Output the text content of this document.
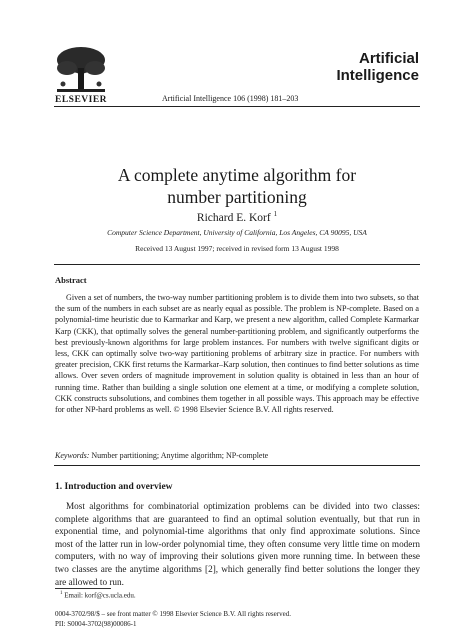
ELSEVIER	Artificial Intelligence 106 (1998) 181–203
Artificial
Intelligence
A complete anytime algorithm for
number partitioning
Richard E. Korf $^1$
Computer Science Department, University of California, Los Angeles, CA 90095, USA
Received 13 August 1997; received in revised form 13 August 1998
Abstract
Given a set of numbers, the two-way number partitioning problem is to divide them into two subsets, so that the sum of the numbers in each subset are as nearly equal as possible. The problem is NP-complete. Based on a polynomial-time heuristic due to Karmarkar and Karp, we present a new algorithm, called Complete Karmarkar Karp (CKK), that optimally solves the general number-partitioning problem, and significantly outperforms the best previously-known algorithms for large problem instances. For numbers with twelve significant digits or less, CKK can optimally solve two-way partitioning problems of arbitrary size in practice. For numbers with greater precision, CKK first returns the Karmarkar–Karp solution, then continues to find better solutions as time allows. Over seven orders of magnitude improvement in solution quality is obtained in less than an hour of running time. Rather than building a single solution one element at a time, or modifying a complete solution, CKK constructs subsolutions, and combines them together in all possible ways. This approach may be effective for other NP-hard problems as well. © 1998 Elsevier Science B.V. All rights reserved.
Keywords: Number partitioning; Anytime algorithm; NP-complete
1. Introduction and overview
Most algorithms for combinatorial optimization problems can be divided into two classes: complete algorithms that are guaranteed to find an optimal solution eventually, but that run in exponential time, and polynomial-time algorithms that only find approximate solutions. Since most of the latter run in low-order polynomial time, they often consume very little time on modern computers, with no way of improving their solutions given more running time. In between these two classes are the anytime algorithms [2], which generally find better solutions the longer they are allowed to run.
$^1$ Email: korf@cs.ucla.edu.
0004-3702/98/$ – see front matter © 1998 Elsevier Science B.V. All rights reserved.
PII: S0004-3702(98)00086-1
